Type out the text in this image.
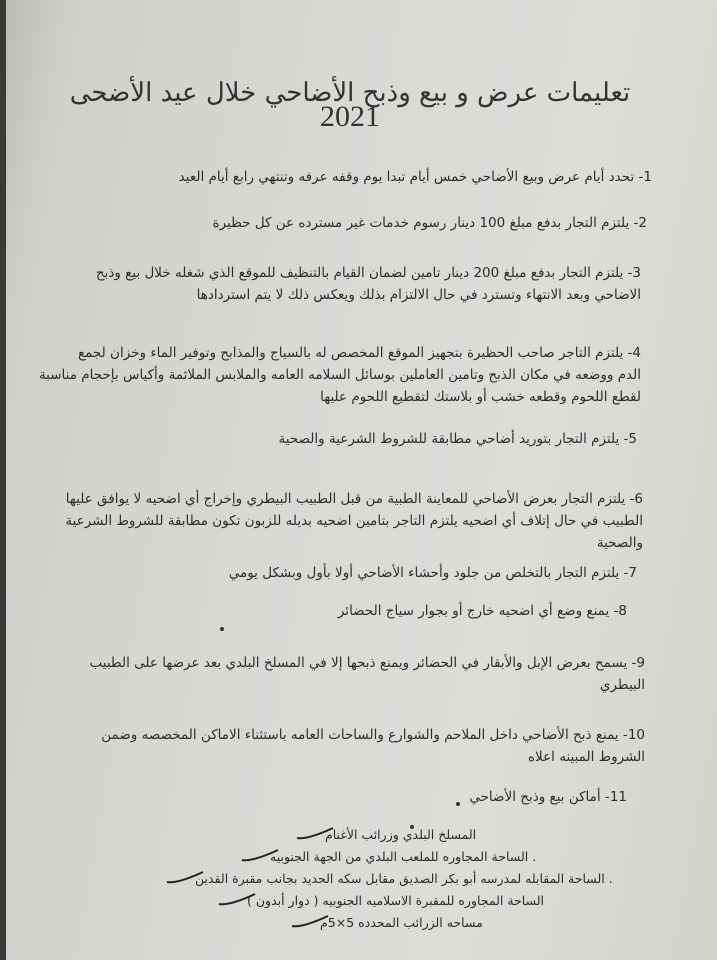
تعليمات عرض و بيع وذبح الأضاحي خلال عيد الأضحى
2021
1- تحدد أيام عرض وبيع الأضاحي خمس أيام تبدا يوم وقفه عرفه وتنتهي رابع أيام العيد
2- يلتزم التجار بدفع مبلغ 100 دينار رسوم خدمات غير مسترده عن كل حظيرة
3- يلتزم التجار بدفع مبلغ 200 دينار تامين لضمان القيام بالتنظيف للموقع الذي شغله خلال بيع وذبح
الاضاحي وبعد الانتهاء وتسترد في حال الالتزام بذلك ويعكس ذلك لا يتم استردادها
4- يلتزم التاجر صاحب الحظيرة بتجهيز الموقع المخصص له بالسياج والمذابح وتوفير الماء وخزان لجمع
الدم ووضعه في مكان الذبح وتامين العاملين بوسائل السلامه العامه والملابس الملائمة وأكياس بإحجام مناسبة
لقطع اللحوم وقطعه خشب أو بلاستك لتقطيع اللحوم عليها
5- يلتزم التجار بتوريد أضاحي مطابقة للشروط الشرعية والصحية
6- يلتزم التجار بعرض الأضاحي للمعاينة الطبية من قبل الطبيب البيطري وإخراج أي اضحيه لا يوافق عليها
الطبيب في حال إتلاف أي اضحيه يلتزم التاجر بتامين اضحيه بديله للزبون تكون مطابقة للشروط الشرعية
والصحية
7- يلتزم التجار بالتخلص من جلود وأحشاء الأضاحي أولا بأول وبشكل يومي
8- يمنع وضع أي اضحيه خارج أو بجوار سياج الحضائر
9- يسمح بعرض الإبل والأبقار في الحضائر ويمنع ذبحها إلا في المسلخ البلدي بعد عرضها على الطبيب
البيطري
10- يمنع ذبح الأضاحي داخل الملاحم والشوارع والساحات العامه باستثناء الاماكن المخصصه وضمن
الشروط المبينه اعلاه
11- أماكن بيع وذبح الأضاحي
المسلخ البلدي وزرائب الأغنام
. الساحة المجاوره للملعب البلدي من الجهة الجنوبيه
. الساحة المقابله لمدرسه أبو بكر الصديق مقابل سكه الحديد بجانب مقبرة القدين
الساحة المجاوره للمقبرة الاسلاميه الجنوبيه ( دوار أبدون )
مساحه الزرائب المحدده 5×5م
